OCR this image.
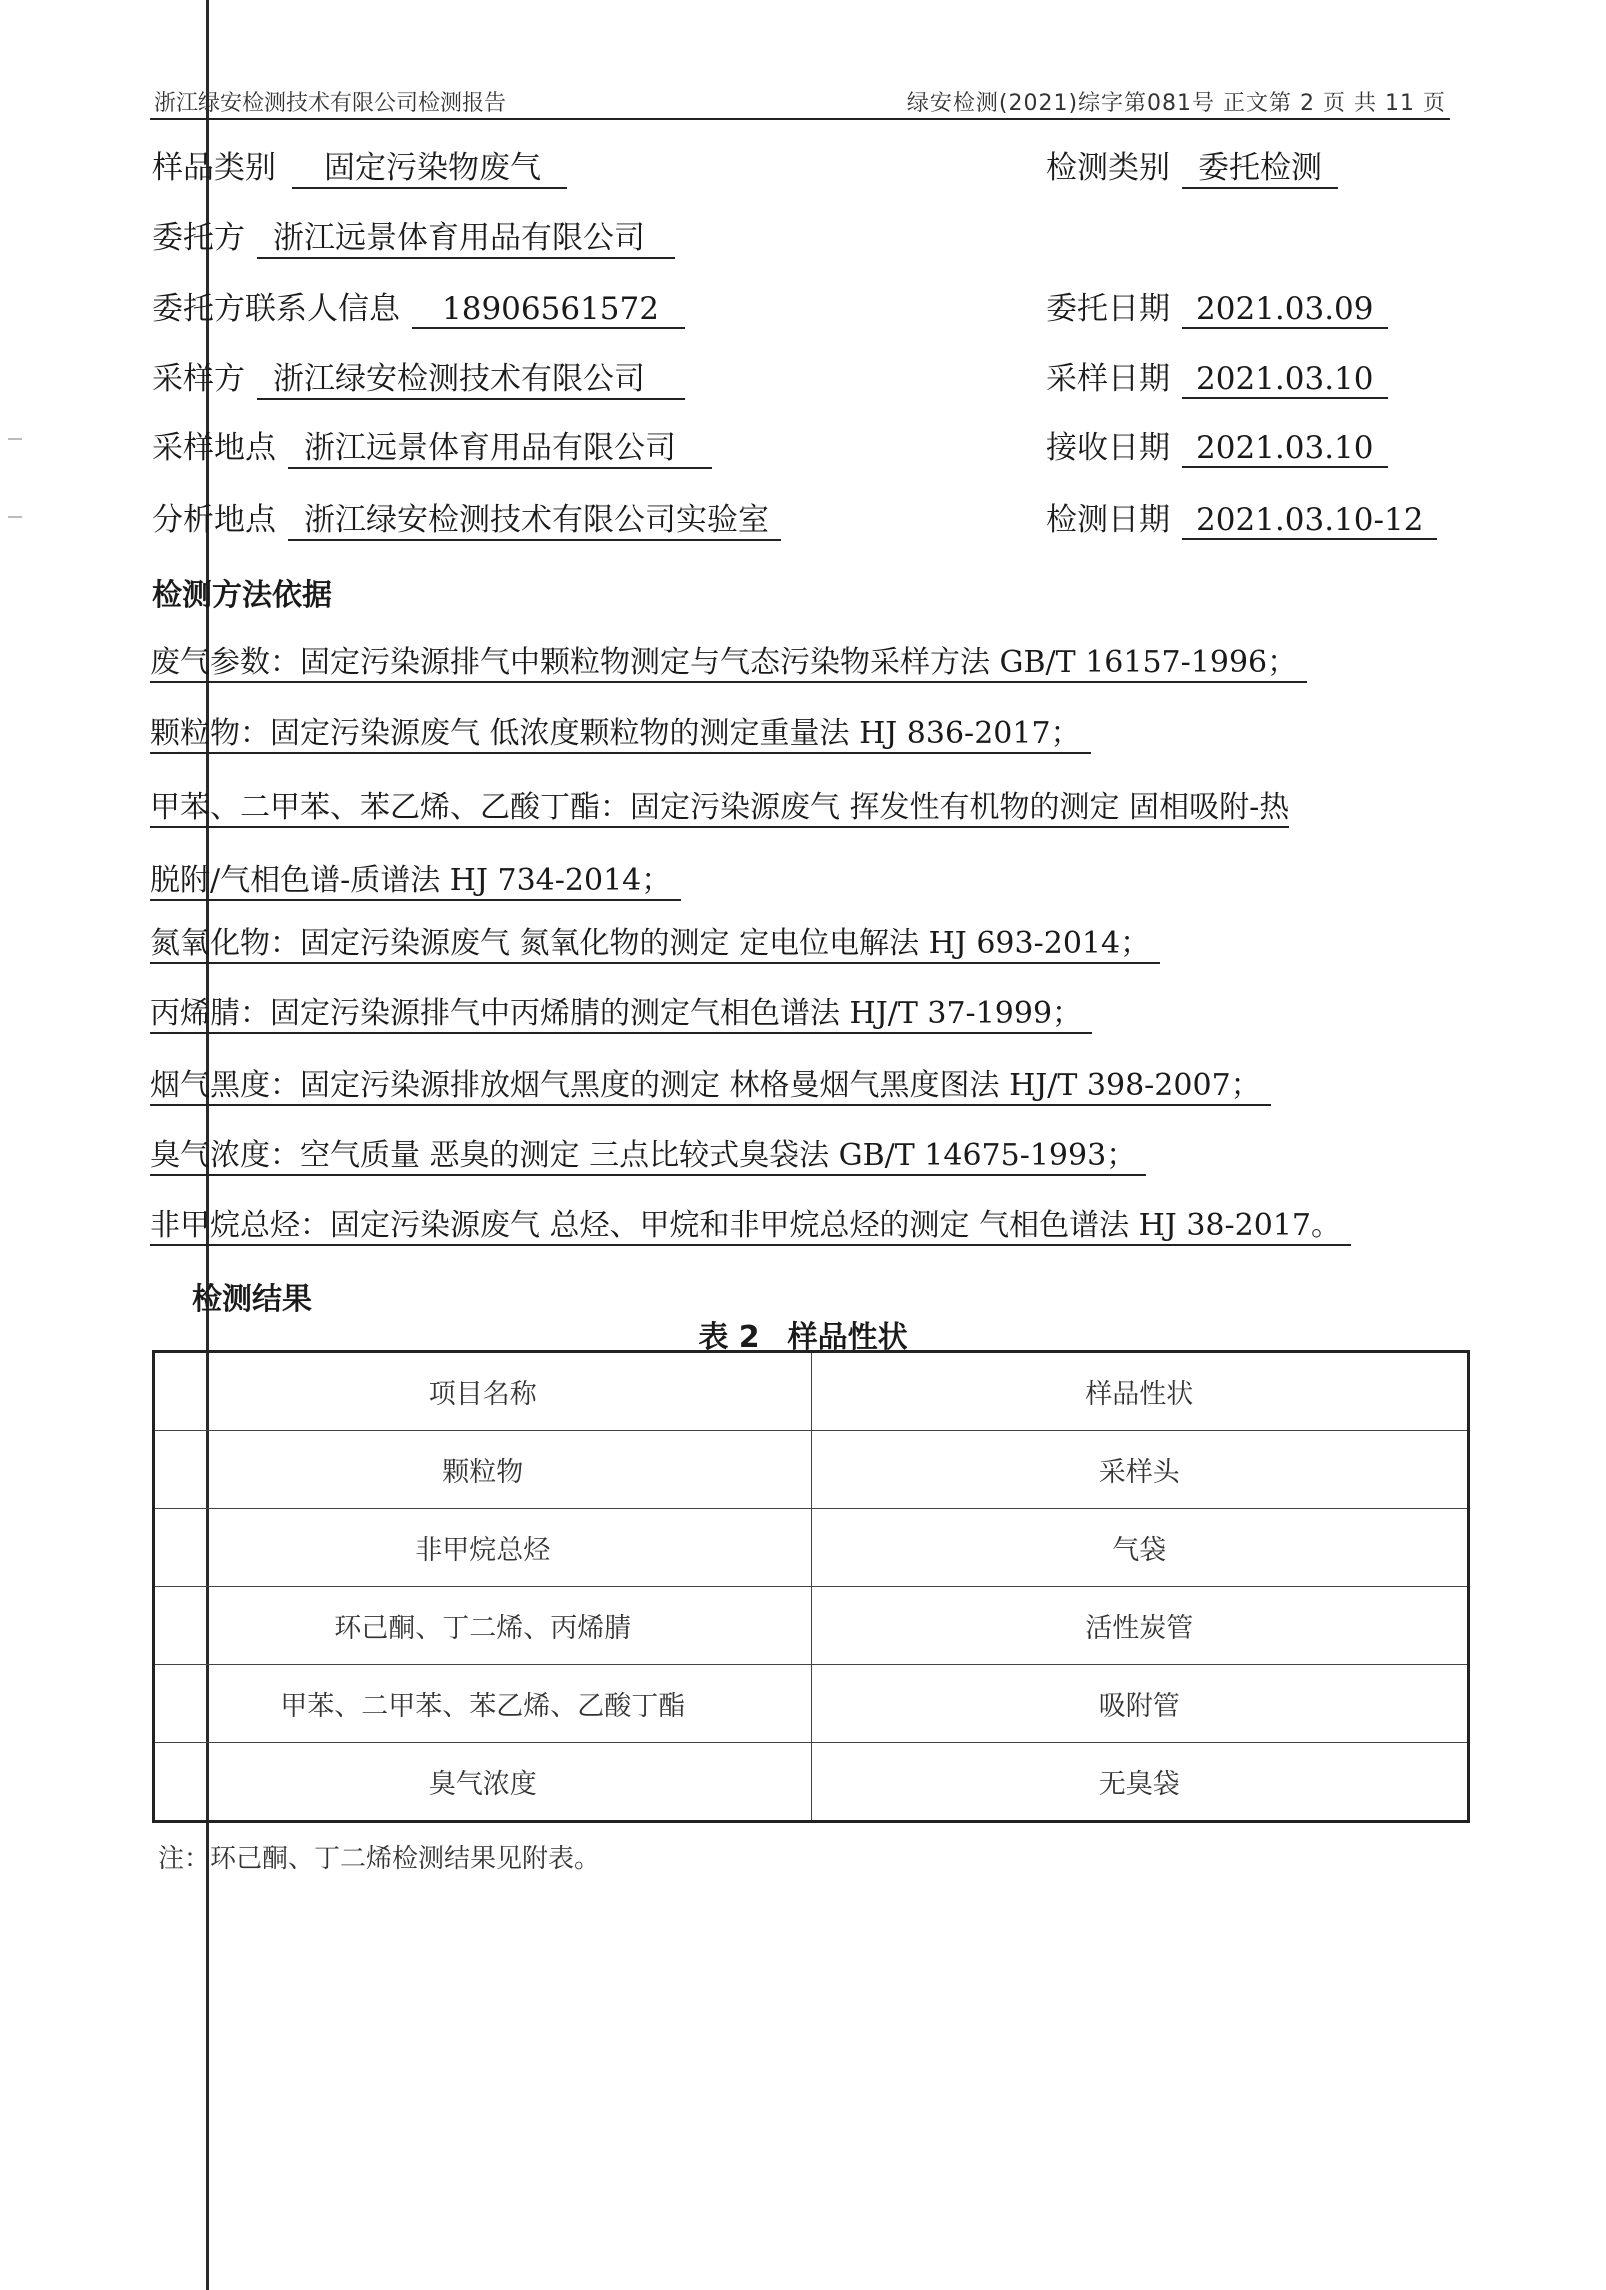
浙江绿安检测技术有限公司检测报告	绿安检测(2021)综字第081号 正文第 2 页 共 11 页
样品类别 固定污染物废气	检测类别 委托检测
委托方 浙江远景体育用品有限公司
委托方联系人信息 18906561572	委托日期 2021.03.09
采样方 浙江绿安检测技术有限公司	采样日期 2021.03.10
采样地点 浙江远景体育用品有限公司	接收日期 2021.03.10
分析地点 浙江绿安检测技术有限公司实验室	检测日期 2021.03.10-12
检测方法依据
废气参数：固定污染源排气中颗粒物测定与气态污染物采样方法 GB/T 16157-1996；
颗粒物：固定污染源废气 低浓度颗粒物的测定重量法 HJ 836-2017；
甲苯、二甲苯、苯乙烯、乙酸丁酯：固定污染源废气 挥发性有机物的测定 固相吸附-热
脱附/气相色谱-质谱法 HJ 734-2014；
氮氧化物：固定污染源废气 氮氧化物的测定 定电位电解法 HJ 693-2014；
丙烯腈：固定污染源排气中丙烯腈的测定气相色谱法 HJ/T 37-1999；
烟气黑度：固定污染源排放烟气黑度的测定 林格曼烟气黑度图法 HJ/T 398-2007；
臭气浓度：空气质量 恶臭的测定 三点比较式臭袋法 GB/T 14675-1993；
非甲烷总烃：固定污染源废气 总烃、甲烷和非甲烷总烃的测定 气相色谱法 HJ 38-2017。
检测结果
表 2 样品性状
项目名称	样品性状
颗粒物	采样头
非甲烷总烃	气袋
环己酮、丁二烯、丙烯腈	活性炭管
甲苯、二甲苯、苯乙烯、乙酸丁酯	吸附管
臭气浓度	无臭袋
注：环己酮、丁二烯检测结果见附表。
